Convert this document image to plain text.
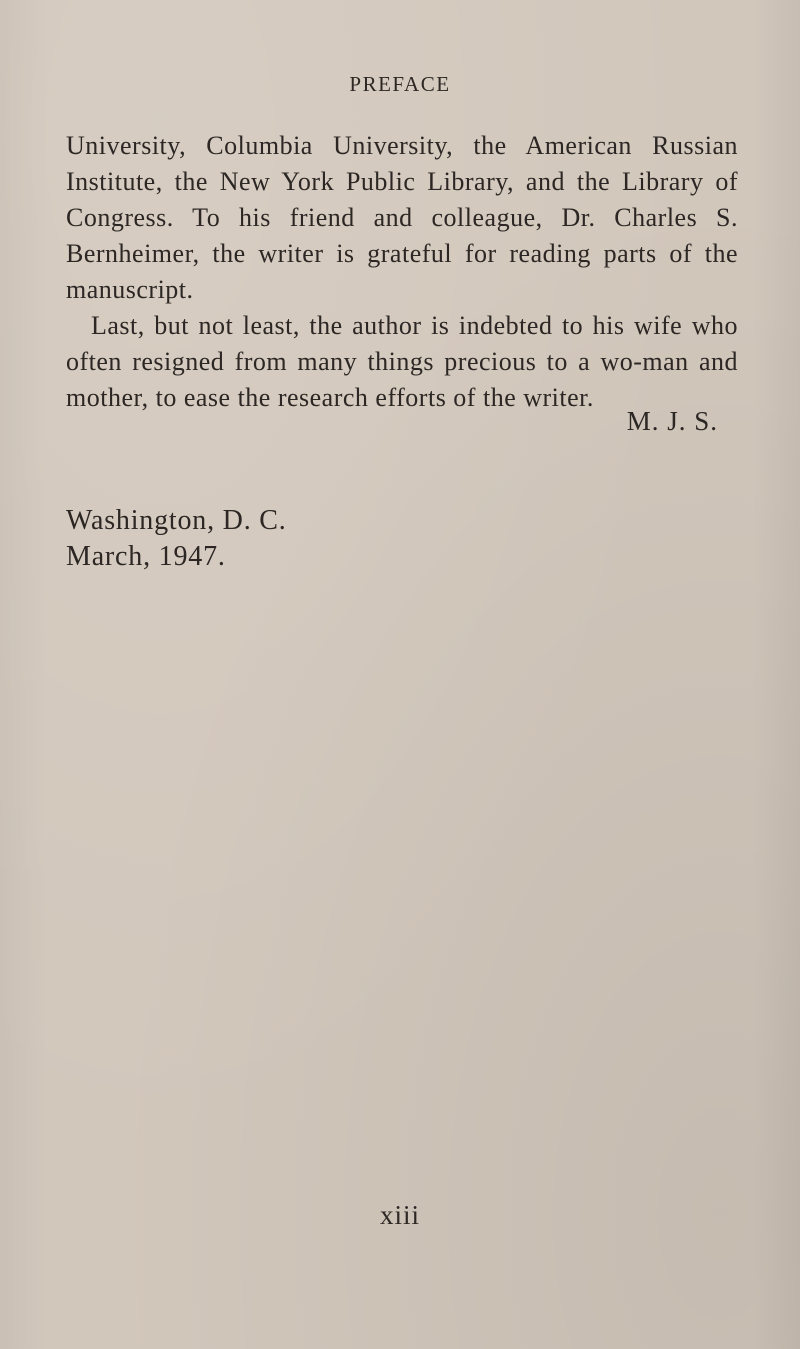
PREFACE

University, Columbia University, the American Russian Institute, the New York Public Library, and the Library of Congress. To his friend and colleague, Dr. Charles S. Bernheimer, the writer is grateful for reading parts of the manuscript.

Last, but not least, the author is indebted to his wife who often resigned from many things precious to a wo-man and mother, to ease the research efforts of the writer.

M. J. S.
Washington, D. C.
March, 1947.
xiii
